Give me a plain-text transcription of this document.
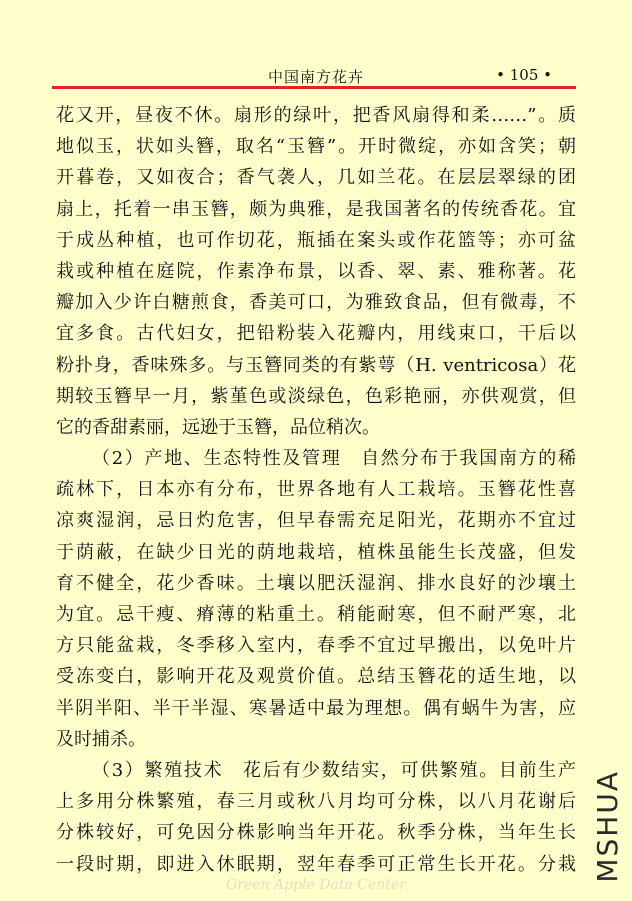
中国南方花卉	• 105 •
花又开，昼夜不休。扇形的绿叶，把香风扇得和柔……”。质
地似玉，状如头簪，取名“玉簪”。开时微绽，亦如含笑；朝
开暮卷，又如夜合；香气袭人，几如兰花。在层层翠绿的团
扇上，托着一串玉簪，颇为典雅，是我国著名的传统香花。宜
于成丛种植，也可作切花，瓶插在案头或作花篮等；亦可盆
栽或种植在庭院，作素净布景，以香、翠、素、雅称著。花
瓣加入少许白糖煎食，香美可口，为雅致食品，但有微毒，不
宜多食。古代妇女，把铅粉装入花瓣内，用线束口，干后以
粉扑身，香味殊多。与玉簪同类的有紫萼（H. ventricosa）花
期较玉簪早一月，紫堇色或淡绿色，色彩艳丽，亦供观赏，但
它的香甜素丽，远逊于玉簪，品位稍次。
（2）产地、生态特性及管理　自然分布于我国南方的稀
疏林下，日本亦有分布，世界各地有人工栽培。玉簪花性喜
凉爽湿润，忌日灼危害，但早春需充足阳光，花期亦不宜过
于荫蔽，在缺少日光的荫地栽培，植株虽能生长茂盛，但发
育不健全，花少香味。土壤以肥沃湿润、排水良好的沙壤土
为宜。忌干瘦、瘠薄的粘重土。稍能耐寒，但不耐严寒，北
方只能盆栽，冬季移入室内，春季不宜过早搬出，以免叶片
受冻变白，影响开花及观赏价值。总结玉簪花的适生地，以
半阴半阳、半干半湿、寒暑适中最为理想。偶有蜗牛为害，应
及时捕杀。
（3）繁殖技术　花后有少数结实，可供繁殖。目前生产
上多用分株繁殖，春三月或秋八月均可分株，以八月花谢后
分株较好，可免因分株影响当年开花。秋季分株，当年生长
一段时期，即进入休眠期，翌年春季可正常生长开花。分栽
Green Apple Data Center
MSHUA
